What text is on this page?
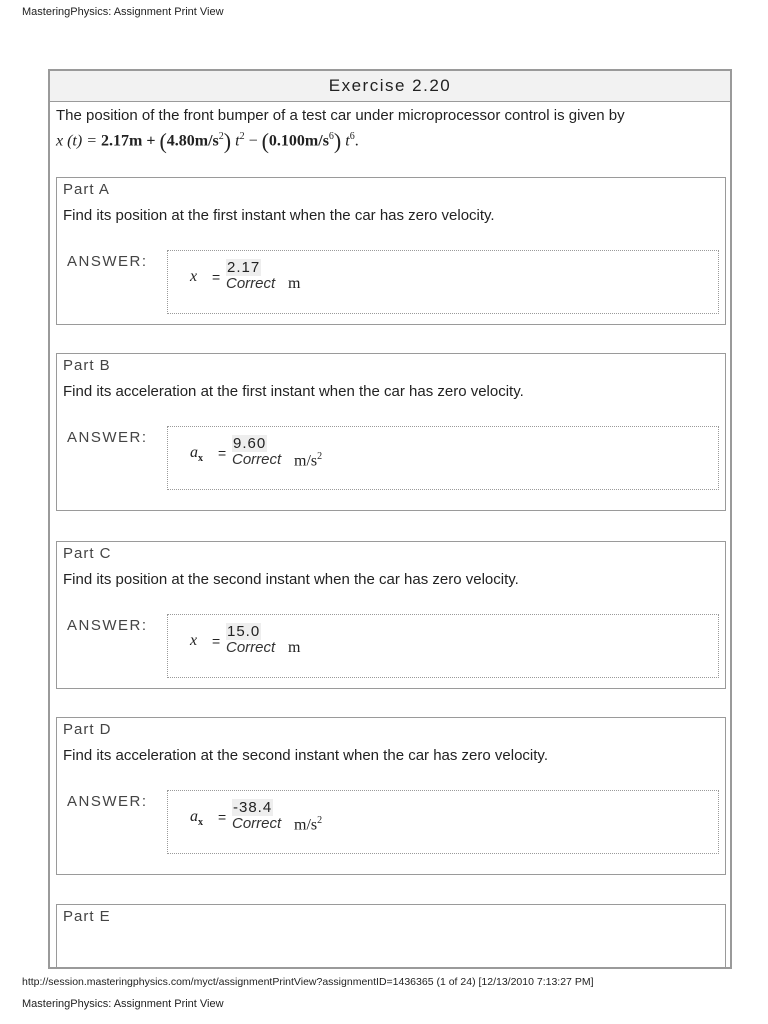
MasteringPhysics: Assignment Print View
Exercise 2.20
The position of the front bumper of a test car under microprocessor control is given by
x $(t) = 2.17m + (4.80m/s^2) t^2 - (0.100m/s^6)$ $t^6$.
Part A
Find its position at the first instant when the car has zero velocity.
ANSWER:
x =
2.17
Correct m
Part B
Find its acceleration at the first instant when the car has zero velocity.
ANSWER:
$a_x$ =
9.60
Correct $m/s^2$
Part C
Find its position at the second instant when the car has zero velocity.
ANSWER:
x =
15.0
Correct m
Part D
Find its acceleration at the second instant when the car has zero velocity.
ANSWER:
$a_x$ =
-38.4
Correct $m/s^2$
Part E
http://session.masteringphysics.com/myct/assignmentPrintView?assignmentID=1436365 (1 of 24) [12/13/2010 7:13:27 PM]
MasteringPhysics: Assignment Print View
